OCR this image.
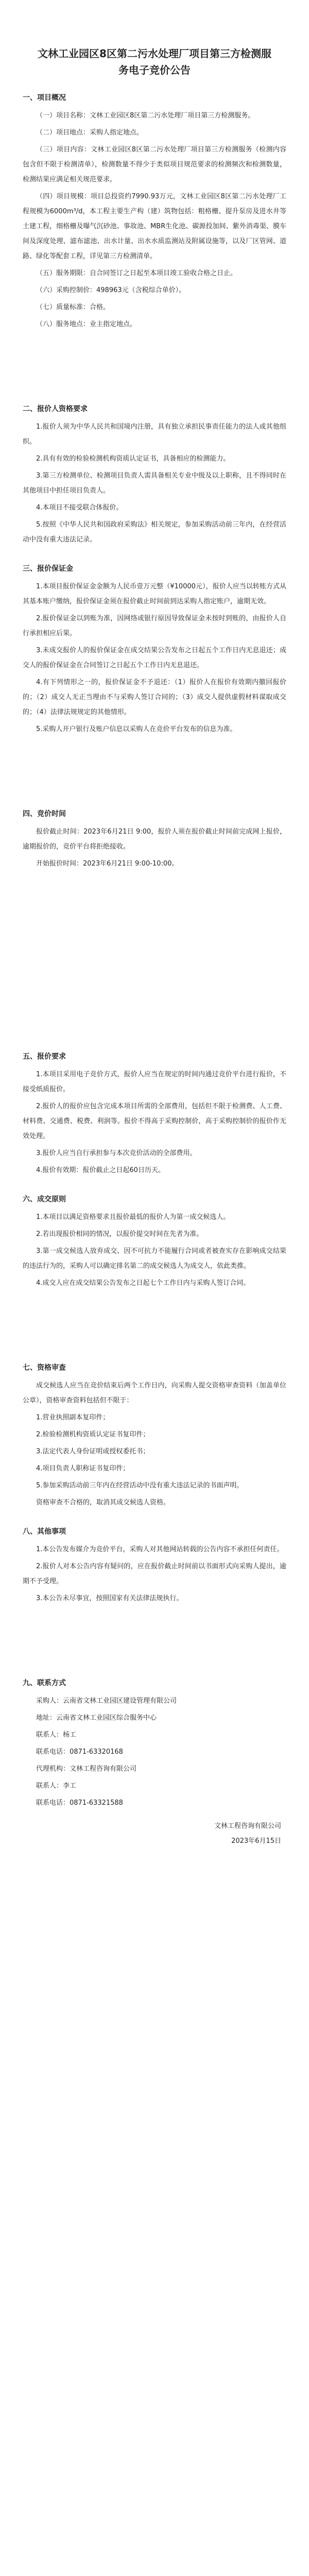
文林工业园区8区第二污水处理厂项目第三方检测服务电子竞价公告
一、项目概况

（一）项目名称：文林工业园区8区第二污水处理厂项目第三方检测服务。

（二）项目地点：采购人指定地点。

（三）项目内容：文林工业园区8区第二污水处理厂项目第三方检测服务（检测内容包含但不限于检测清单），检测数量不得少于类似项目规范要求的检测频次和检测数量，检测结果应满足相关规范要求。

（四）项目规模：项目总投资约7990.93万元，文林工业园区8区第二污水处理厂工程规模为6000m³/d，本工程主要生产构（建）筑物包括：粗格栅、提升泵房及进水井等土建工程，细格栅及曝气沉砂池、事故池、MBR生化池、碳源投加间、紫外消毒渠、膜车间及深度处理、滤布滤池、出水计量、出水水质监测站及附属设施等，以及厂区管网、道路、绿化等配套工程，详见第三方检测清单。

（五）服务期限：自合同签订之日起至本项目竣工验收合格之日止。

（六）采购控制价：498963元（含税综合单价）。

（七）质量标准：合格。

（八）服务地点：业主指定地点。

二、报价人资格要求

1.报价人须为中华人民共和国境内注册，具有独立承担民事责任能力的法人或其他组织。

2.具有有效的检验检测机构资质认定证书，具备相应的检测能力。

3.第三方检测单位、检测项目负责人需具备相关专业中级及以上职称，且不得同时在其他项目中担任项目负责人。

4.本项目不接受联合体报价。

5.按照《中华人民共和国政府采购法》相关规定，参加采购活动前三年内，在经营活动中没有重大违法记录。

三、报价保证金

1.本项目报价保证金金额为人民币壹万元整（¥10000元），报价人应当以转账方式从其基本账户缴纳，报价保证金须在报价截止时间前到达采购人指定账户，逾期无效。

2.报价保证金以到账为准，因网络或银行原因导致保证金未按时到账的，由报价人自行承担相应后果。

3.未成交报价人的报价保证金在成交结果公告发布之日起五个工作日内无息退还；成交人的报价保证金在合同签订之日起五个工作日内无息退还。

4.有下列情形之一的，报价保证金不予退还：（1）报价人在报价有效期内撤回报价的；（2）成交人无正当理由不与采购人签订合同的；（3）成交人提供虚假材料谋取成交的；（4）法律法规规定的其他情形。

5.采购人开户银行及账户信息以采购人在竞价平台发布的信息为准。

四、竞价时间

报价截止时间：2023年6月21日 9:00，报价人须在报价截止时间前完成网上报价，逾期报价的，竞价平台将拒绝接收。

开始报价时间：2023年6月21日 9:00-10:00。

五、报价要求

1.本项目采用电子竞价方式，报价人应当在规定的时间内通过竞价平台进行报价，不接受纸质报价。

2.报价人的报价应包含完成本项目所需的全部费用，包括但不限于检测费、人工费、材料费、交通费、税费、利润等。报价不得高于采购控制价，高于采购控制价的报价作无效处理。

3.报价人应当自行承担参与本次竞价活动的全部费用。

4.报价有效期：报价截止之日起60日历天。

六、成交原则

1.本项目以满足资格要求且报价最低的报价人为第一成交候选人。

2.若出现报价相同的情况，以报价提交时间在先者为准。

3.第一成交候选人放弃成交、因不可抗力不能履行合同或者被查实存在影响成交结果的违法行为的，采购人可以确定排名第二的成交候选人为成交人，依此类推。

4.成交人应在成交结果公告发布之日起七个工作日内与采购人签订合同。

七、资格审查

成交候选人应当在竞价结束后两个工作日内，向采购人提交资格审查资料（加盖单位公章），资格审查资料包括但不限于：

1.营业执照副本复印件；

2.检验检测机构资质认定证书复印件；

3.法定代表人身份证明或授权委托书；

4.项目负责人职称证书复印件；

5.参加采购活动前三年内在经营活动中没有重大违法记录的书面声明。

资格审查不合格的，取消其成交候选人资格。

八、其他事项

1.本公告发布媒介为竞价平台，采购人对其他网站转载的公告内容不承担任何责任。

2.报价人对本公告内容有疑问的，应在报价截止时间前以书面形式向采购人提出，逾期不予受理。

3.本公告未尽事宜，按照国家有关法律法规执行。

九、联系方式

采购人：云南省文林工业园区建设管理有限公司

地址：云南省文林工业园区综合服务中心

联系人：杨工

联系电话：0871-63320168

代理机构：文林工程咨询有限公司

联系人：李工

联系电话：0871-63321588

文林工程咨询有限公司
2023年6月15日
